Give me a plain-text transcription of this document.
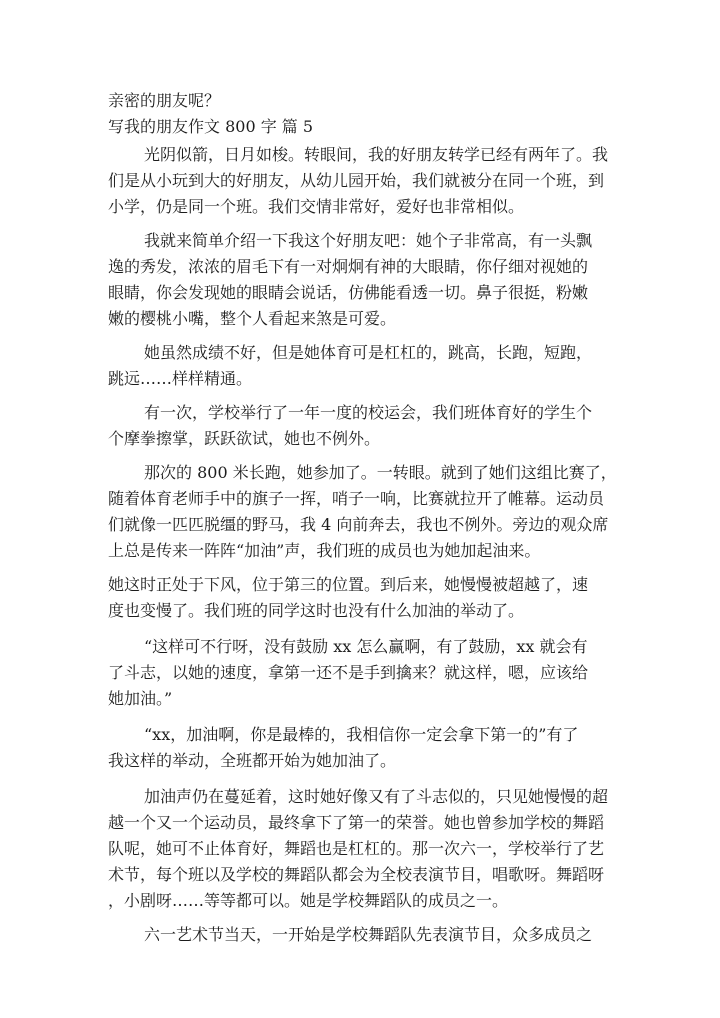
亲密的朋友呢？
写我的朋友作文 800 字 篇 5
光阴似箭，日月如梭。转眼间，我的好朋友转学已经有两年了。我
们是从小玩到大的好朋友，从幼儿园开始，我们就被分在同一个班，到
小学，仍是同一个班。我们交情非常好，爱好也非常相似。
我就来简单介绍一下我这个好朋友吧：她个子非常高，有一头飘
逸的秀发，浓浓的眉毛下有一对炯炯有神的大眼睛，你仔细对视她的
眼睛，你会发现她的眼睛会说话，仿佛能看透一切。鼻子很挺，粉嫩
嫩的樱桃小嘴，整个人看起来煞是可爱。
她虽然成绩不好，但是她体育可是杠杠的，跳高，长跑，短跑，
跳远……样样精通。
有一次，学校举行了一年一度的校运会，我们班体育好的学生个
个摩拳擦掌，跃跃欲试，她也不例外。
那次的 800 米长跑，她参加了。一转眼。就到了她们这组比赛了，
随着体育老师手中的旗子一挥，哨子一响，比赛就拉开了帷幕。运动员
们就像一匹匹脱缰的野马，我 4 向前奔去，我也不例外。旁边的观众席
上总是传来一阵阵“加油”声，我们班的成员也为她加起油来。
她这时正处于下风，位于第三的位置。到后来，她慢慢被超越了，速
度也变慢了。我们班的同学这时也没有什么加油的举动了。
“这样可不行呀，没有鼓励 xx 怎么赢啊，有了鼓励，xx 就会有
了斗志，以她的速度，拿第一还不是手到擒来？就这样，嗯，应该给
她加油。”
“xx，加油啊，你是最棒的，我相信你一定会拿下第一的”有了
我这样的举动，全班都开始为她加油了。
加油声仍在蔓延着，这时她好像又有了斗志似的，只见她慢慢的超
越一个又一个运动员，最终拿下了第一的荣誉。她也曾参加学校的舞蹈
队呢，她可不止体育好，舞蹈也是杠杠的。那一次六一，学校举行了艺
术节，每个班以及学校的舞蹈队都会为全校表演节目，唱歌呀。舞蹈呀
，小剧呀……等等都可以。她是学校舞蹈队的成员之一。
六一艺术节当天，一开始是学校舞蹈队先表演节目，众多成员之
